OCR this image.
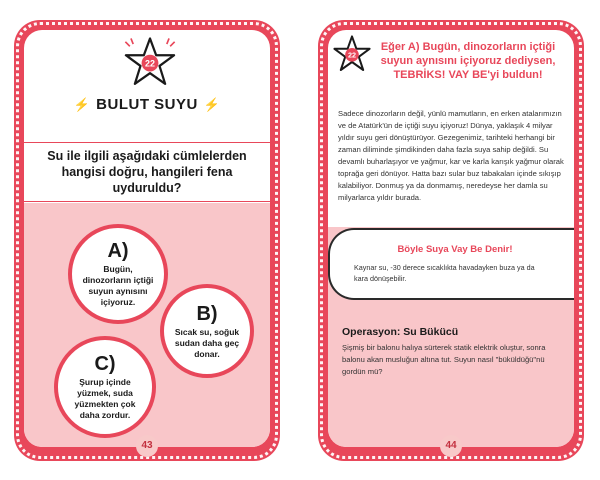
22
⚡ BULUT SUYU ⚡
Su ile ilgili aşağıdaki cümlelerden hangisi doğru, hangileri fena uyduruldu?
A)
Bugün, dinozorların içtiği suyun aynısını içiyoruz.
B)
Sıcak su, soğuk sudan daha geç donar.
C)
Şurup içinde yüzmek, suda yüzmekten çok daha zordur.
43
22
Eğer A) Bugün, dinozorların içtiği suyun aynısını içiyoruz dediysen, TEBRİKS! VAY BE'yi buldun!
Sadece dinozorların değil, yünlü mamutların, en erken atalarımızın ve de Atatürk'ün de içtiği suyu içiyoruz! Dünya, yaklaşık 4 milyar yıldır suyu geri dönüştürüyor. Gezegenimiz, tarihteki herhangi bir zaman diliminde şimdikinden daha fazla suya sahip değildi. Su devamlı buharlaşıyor ve yağmur, kar ve karla karışık yağmur olarak toprağa geri dönüyor. Hatta bazı sular buz tabakaları içinde sıkışıp kalabiliyor. Donmuş ya da donmamış, neredeyse her damla su milyarlarca yıldır burada.
Böyle Suya Vay Be Denir!
Kaynar su, -30 derece sıcaklıkta havadayken buza ya da kara dönüşebilir.
Operasyon: Su Bükücü
Şişmiş bir balonu halıya sürterek statik elektrik oluştur, sonra balonu akan musluğun altına tut. Suyun nasıl "büküldüğü"nü gordün mü?
44
